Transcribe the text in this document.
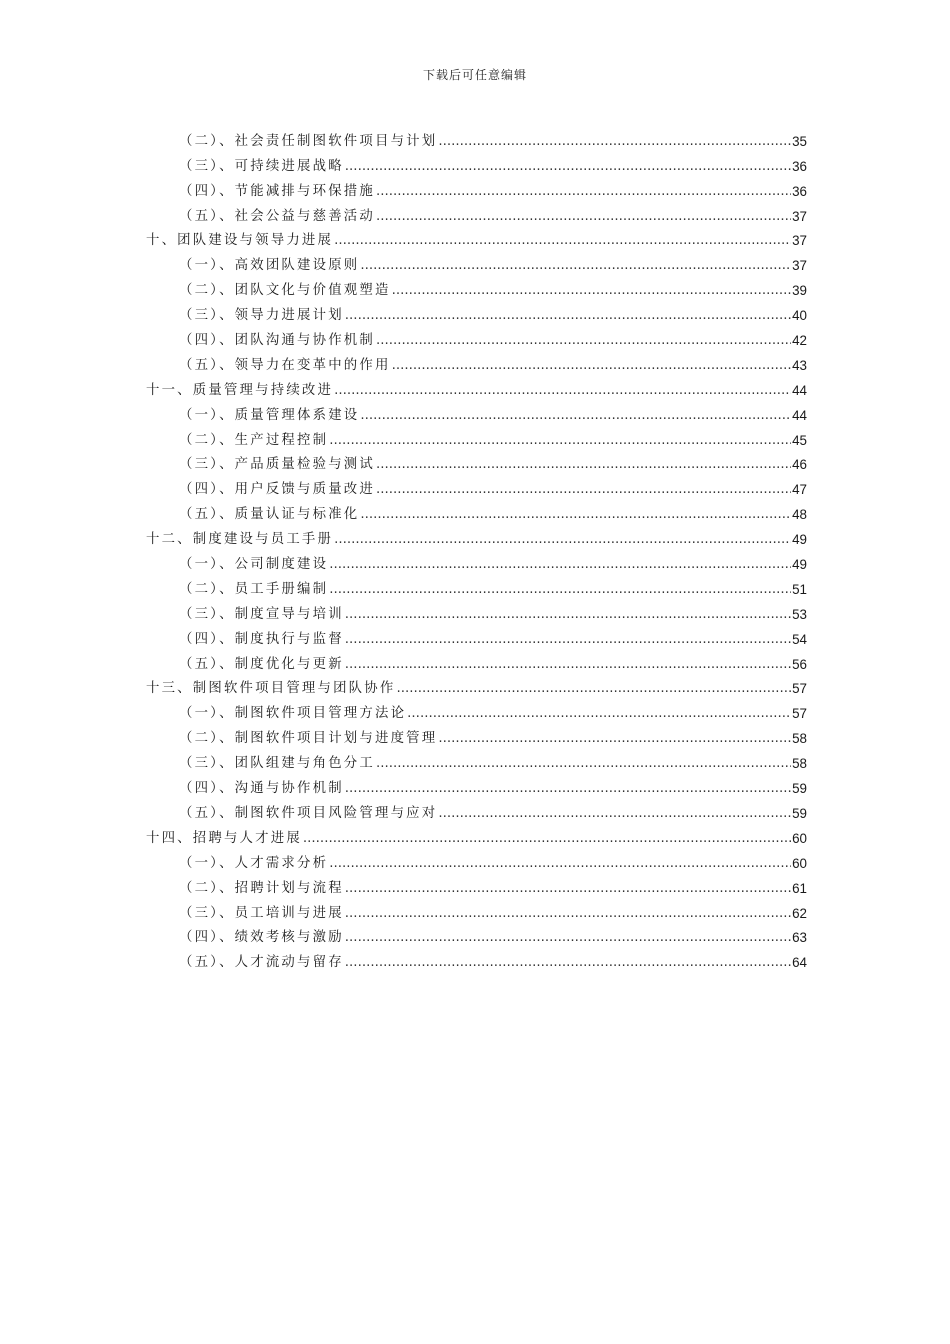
下载后可任意编辑
（二）、社会责任制图软件项目与计划 .....	35
（三）、可持续进展战略 .....	36
（四）、节能减排与环保措施 .....	36
（五）、社会公益与慈善活动 .....	37
十、团队建设与领导力进展 .....	37
（一）、高效团队建设原则 .....	37
（二）、团队文化与价值观塑造 .....	39
（三）、领导力进展计划 .....	40
（四）、团队沟通与协作机制 .....	42
（五）、领导力在变革中的作用 .....	43
十一、质量管理与持续改进 .....	44
（一）、质量管理体系建设 .....	44
（二）、生产过程控制 .....	45
（三）、产品质量检验与测试 .....	46
（四）、用户反馈与质量改进 .....	47
（五）、质量认证与标准化 .....	48
十二、制度建设与员工手册 .....	49
（一）、公司制度建设 .....	49
（二）、员工手册编制 .....	51
（三）、制度宣导与培训 .....	53
（四）、制度执行与监督 .....	54
（五）、制度优化与更新 .....	56
十三、制图软件项目管理与团队协作 .....	57
（一）、制图软件项目管理方法论 .....	57
（二）、制图软件项目计划与进度管理 .....	58
（三）、团队组建与角色分工 .....	58
（四）、沟通与协作机制 .....	59
（五）、制图软件项目风险管理与应对 .....	59
十四、招聘与人才进展 .....	60
（一）、人才需求分析 .....	60
（二）、招聘计划与流程 .....	61
（三）、员工培训与进展 .....	62
（四）、绩效考核与激励 .....	63
（五）、人才流动与留存 .....	64
